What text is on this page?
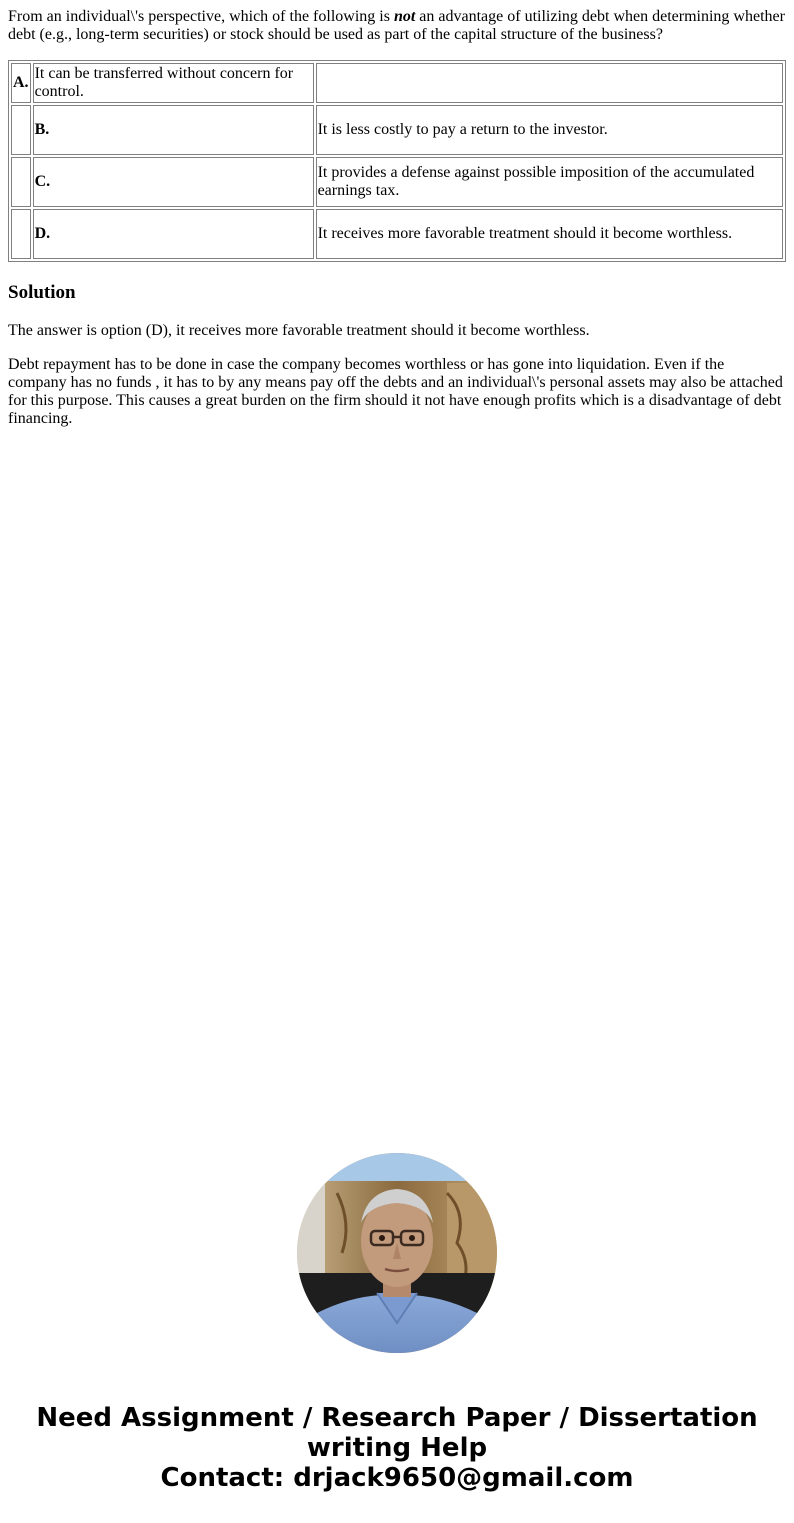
From an individual\'s perspective, which of the following is not an advantage of utilizing debt when determining whether debt (e.g., long-term securities) or stock should be used as part of the capital structure of the business?

A.	It can be transferred without concern for control.	
	B.	It is less costly to pay a return to the investor.
	C.	It provides a defense against possible imposition of the accumulated earnings tax.
	D.	It receives more favorable treatment should it become worthless.
Solution

The answer is option (D), it receives more favorable treatment should it become worthless.

Debt repayment has to be done in case the company becomes worthless or has gone into liquidation. Even if the company has no funds , it has to by any means pay off the debts and an individual\'s personal assets may also be attached for this purpose. This causes a great burden on the firm should it not have enough profits which is a disadvantage of debt financing.

Need Assignment / Research Paper / Dissertation
writing Help
Contact: drjack9650@gmail.com
